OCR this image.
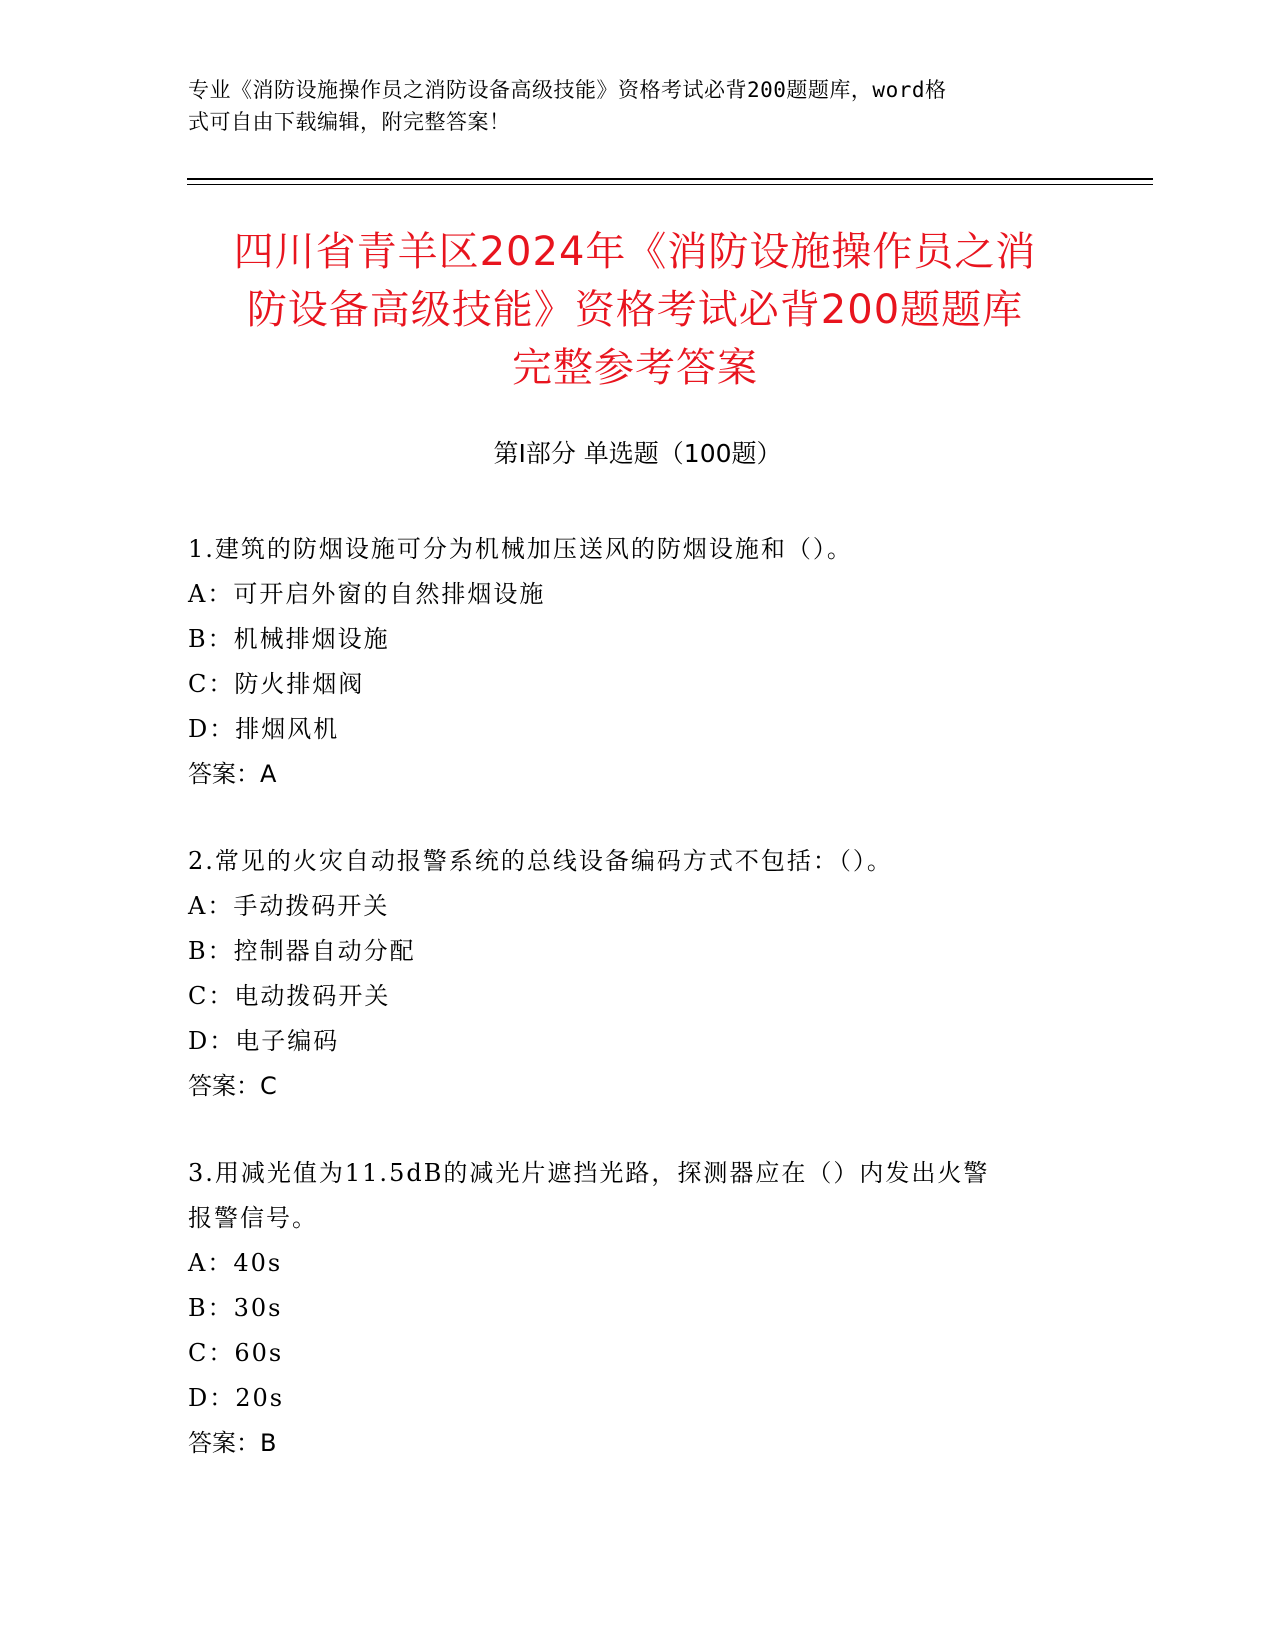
专业《消防设施操作员之消防设备高级技能》资格考试必背200题题库，word格
式可自由下载编辑，附完整答案！
四川省青羊区2024年《消防设施操作员之消
防设备高级技能》资格考试必背200题题库
完整参考答案
第Ⅰ部分 单选题（100题）
1.建筑的防烟设施可分为机械加压送风的防烟设施和（）。
A：可开启外窗的自然排烟设施
B：机械排烟设施
C：防火排烟阀
D：排烟风机
答案：A
2.常见的火灾自动报警系统的总线设备编码方式不包括：（）。
A：手动拨码开关
B：控制器自动分配
C：电动拨码开关
D：电子编码
答案：C
3.用减光值为11.5dB的减光片遮挡光路，探测器应在（）内发出火警
报警信号。
A：40s
B：30s
C：60s
D：20s
答案：B
